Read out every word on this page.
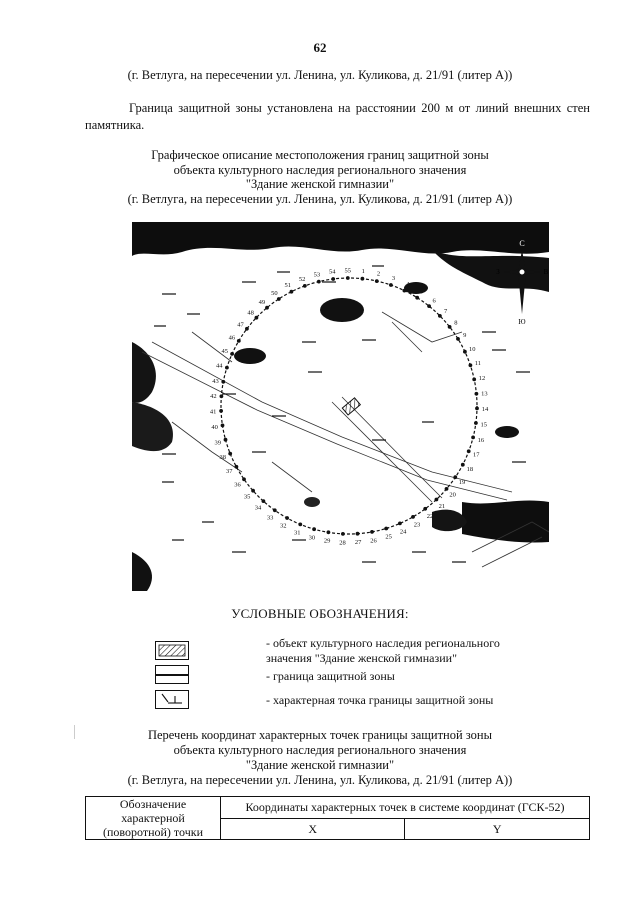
62
(г. Ветлуга, на пересечении ул. Ленина, ул. Куликова, д. 21/91 (литер А))
Граница защитной зоны установлена на расстоянии 200 м от линий внешних стен памятника.
Графическое описание местоположения границ защитной зоны
объекта культурного наследия регионального значения
"Здание женской гимназии"
(г. Ветлуга, на пересечении ул. Ленина, ул. Куликова, д. 21/91 (литер А))
1 2
3
4
5
6
7
8
9
10
11
12
13
14
15
16
17
18
19
20
21
22
23
24
25
26
27
28
29
30
31
32
33
34
35
36
37
38
39
40
41
42
43
44
45
46
47
48
49
50
51
52
53 54 55
С
Ю
З	В
УСЛОВНЫЕ ОБОЗНАЧЕНИЯ:
- объект культурного наследия регионального
значения "Здание женской гимназии"
- граница защитной зоны
- характерная точка границы защитной зоны
Перечень координат характерных точек границы защитной зоны
объекта культурного наследия регионального значения
"Здание женской гимназии"
(г. Ветлуга, на пересечении ул. Ленина, ул. Куликова, д. 21/91 (литер А))
Обозначение
характерной
(поворотной) точки	Координаты характерных точек в системе координат (ГСК-52)	
	X	Y
